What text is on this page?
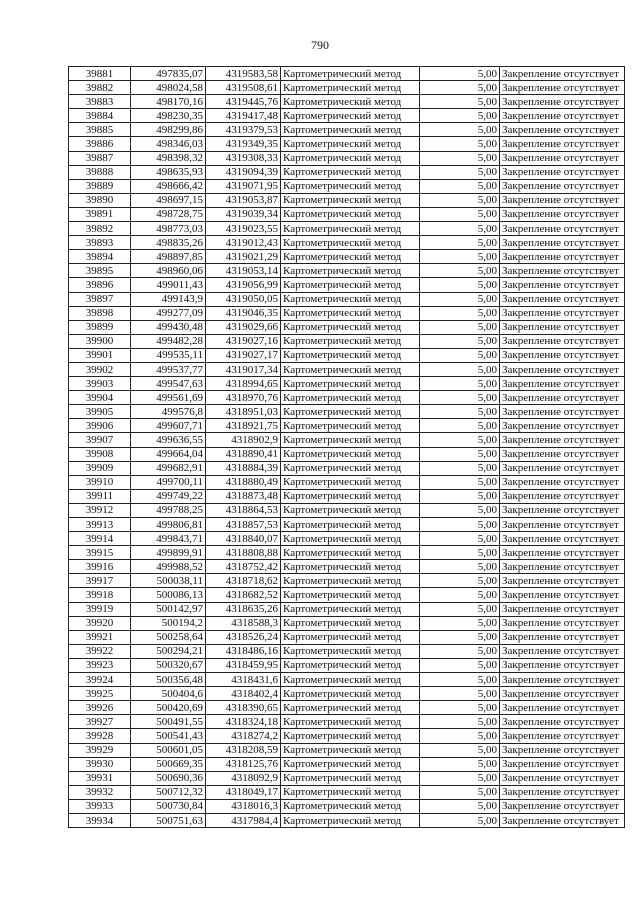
790
39881	497835,07	4319583,58	Картометрический метод	5,00	Закрепление отсутствует
39882	498024,58	4319508,61	Картометрический метод	5,00	Закрепление отсутствует
39883	498170,16	4319445,76	Картометрический метод	5,00	Закрепление отсутствует
39884	498230,35	4319417,48	Картометрический метод	5,00	Закрепление отсутствует
39885	498299,86	4319379,53	Картометрический метод	5,00	Закрепление отсутствует
39886	498346,03	4319349,35	Картометрический метод	5,00	Закрепление отсутствует
39887	498398,32	4319308,33	Картометрический метод	5,00	Закрепление отсутствует
39888	498635,93	4319094,39	Картометрический метод	5,00	Закрепление отсутствует
39889	498666,42	4319071,95	Картометрический метод	5,00	Закрепление отсутствует
39890	498697,15	4319053,87	Картометрический метод	5,00	Закрепление отсутствует
39891	498728,75	4319039,34	Картометрический метод	5,00	Закрепление отсутствует
39892	498773,03	4319023,55	Картометрический метод	5,00	Закрепление отсутствует
39893	498835,26	4319012,43	Картометрический метод	5,00	Закрепление отсутствует
39894	498897,85	4319021,29	Картометрический метод	5,00	Закрепление отсутствует
39895	498960,06	4319053,14	Картометрический метод	5,00	Закрепление отсутствует
39896	499011,43	4319056,99	Картометрический метод	5,00	Закрепление отсутствует
39897	499143,9	4319050,05	Картометрический метод	5,00	Закрепление отсутствует
39898	499277,09	4319046,35	Картометрический метод	5,00	Закрепление отсутствует
39899	499430,48	4319029,66	Картометрический метод	5,00	Закрепление отсутствует
39900	499482,28	4319027,16	Картометрический метод	5,00	Закрепление отсутствует
39901	499535,11	4319027,17	Картометрический метод	5,00	Закрепление отсутствует
39902	499537,77	4319017,34	Картометрический метод	5,00	Закрепление отсутствует
39903	499547,63	4318994,65	Картометрический метод	5,00	Закрепление отсутствует
39904	499561,69	4318970,76	Картометрический метод	5,00	Закрепление отсутствует
39905	499576,8	4318951,03	Картометрический метод	5,00	Закрепление отсутствует
39906	499607,71	4318921,75	Картометрический метод	5,00	Закрепление отсутствует
39907	499636,55	4318902,9	Картометрический метод	5,00	Закрепление отсутствует
39908	499664,04	4318890,41	Картометрический метод	5,00	Закрепление отсутствует
39909	499682,91	4318884,39	Картометрический метод	5,00	Закрепление отсутствует
39910	499700,11	4318880,49	Картометрический метод	5,00	Закрепление отсутствует
39911	499749,22	4318873,48	Картометрический метод	5,00	Закрепление отсутствует
39912	499788,25	4318864,53	Картометрический метод	5,00	Закрепление отсутствует
39913	499806,81	4318857,53	Картометрический метод	5,00	Закрепление отсутствует
39914	499843,71	4318840,07	Картометрический метод	5,00	Закрепление отсутствует
39915	499899,91	4318808,88	Картометрический метод	5,00	Закрепление отсутствует
39916	499988,52	4318752,42	Картометрический метод	5,00	Закрепление отсутствует
39917	500038,11	4318718,62	Картометрический метод	5,00	Закрепление отсутствует
39918	500086,13	4318682,52	Картометрический метод	5,00	Закрепление отсутствует
39919	500142,97	4318635,26	Картометрический метод	5,00	Закрепление отсутствует
39920	500194,2	4318588,3	Картометрический метод	5,00	Закрепление отсутствует
39921	500258,64	4318526,24	Картометрический метод	5,00	Закрепление отсутствует
39922	500294,21	4318486,16	Картометрический метод	5,00	Закрепление отсутствует
39923	500320,67	4318459,95	Картометрический метод	5,00	Закрепление отсутствует
39924	500356,48	4318431,6	Картометрический метод	5,00	Закрепление отсутствует
39925	500404,6	4318402,4	Картометрический метод	5,00	Закрепление отсутствует
39926	500420,69	4318390,65	Картометрический метод	5,00	Закрепление отсутствует
39927	500491,55	4318324,18	Картометрический метод	5,00	Закрепление отсутствует
39928	500541,43	4318274,2	Картометрический метод	5,00	Закрепление отсутствует
39929	500601,05	4318208,59	Картометрический метод	5,00	Закрепление отсутствует
39930	500669,35	4318125,76	Картометрический метод	5,00	Закрепление отсутствует
39931	500690,36	4318092,9	Картометрический метод	5,00	Закрепление отсутствует
39932	500712,32	4318049,17	Картометрический метод	5,00	Закрепление отсутствует
39933	500730,84	4318016,3	Картометрический метод	5,00	Закрепление отсутствует
39934	500751,63	4317984,4	Картометрический метод	5,00	Закрепление отсутствует
